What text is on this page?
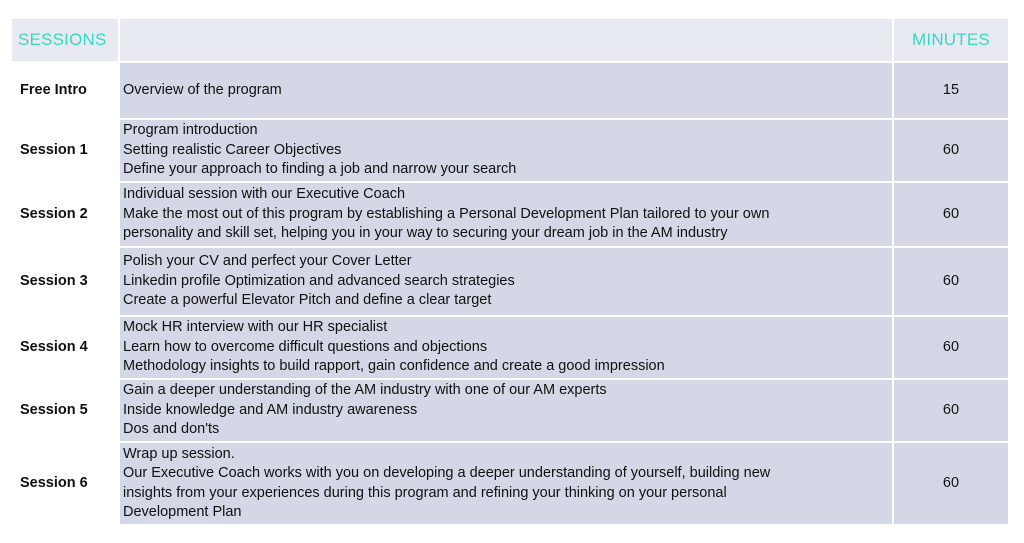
SESSIONS		MINUTES
Free Intro	Overview of the program	15
Session 1	Program introduction
Setting realistic Career Objectives
Define your approach to finding a job and narrow your search	60
Session 2	Individual session with our Executive Coach
Make the most out of this program by establishing a Personal Development Plan tailored to your own
personality and skill set, helping you in your way to securing your dream job in the AM industry	60
Session 3	Polish your CV and perfect your Cover Letter
Linkedin profile Optimization and advanced search strategies
Create a powerful Elevator Pitch and define a clear target	60
Session 4	Mock HR interview with our HR specialist
Learn how to overcome difficult questions and objections
Methodology insights to build rapport, gain confidence and create a good impression	60
Session 5	Gain a deeper understanding of the AM industry with one of our AM experts
Inside knowledge and AM industry awareness
Dos and don'ts	60
Session 6	Wrap up session.
Our Executive Coach works with you on developing a deeper understanding of yourself, building new
insights from your experiences during this program and refining your thinking on your personal
Development Plan	60
